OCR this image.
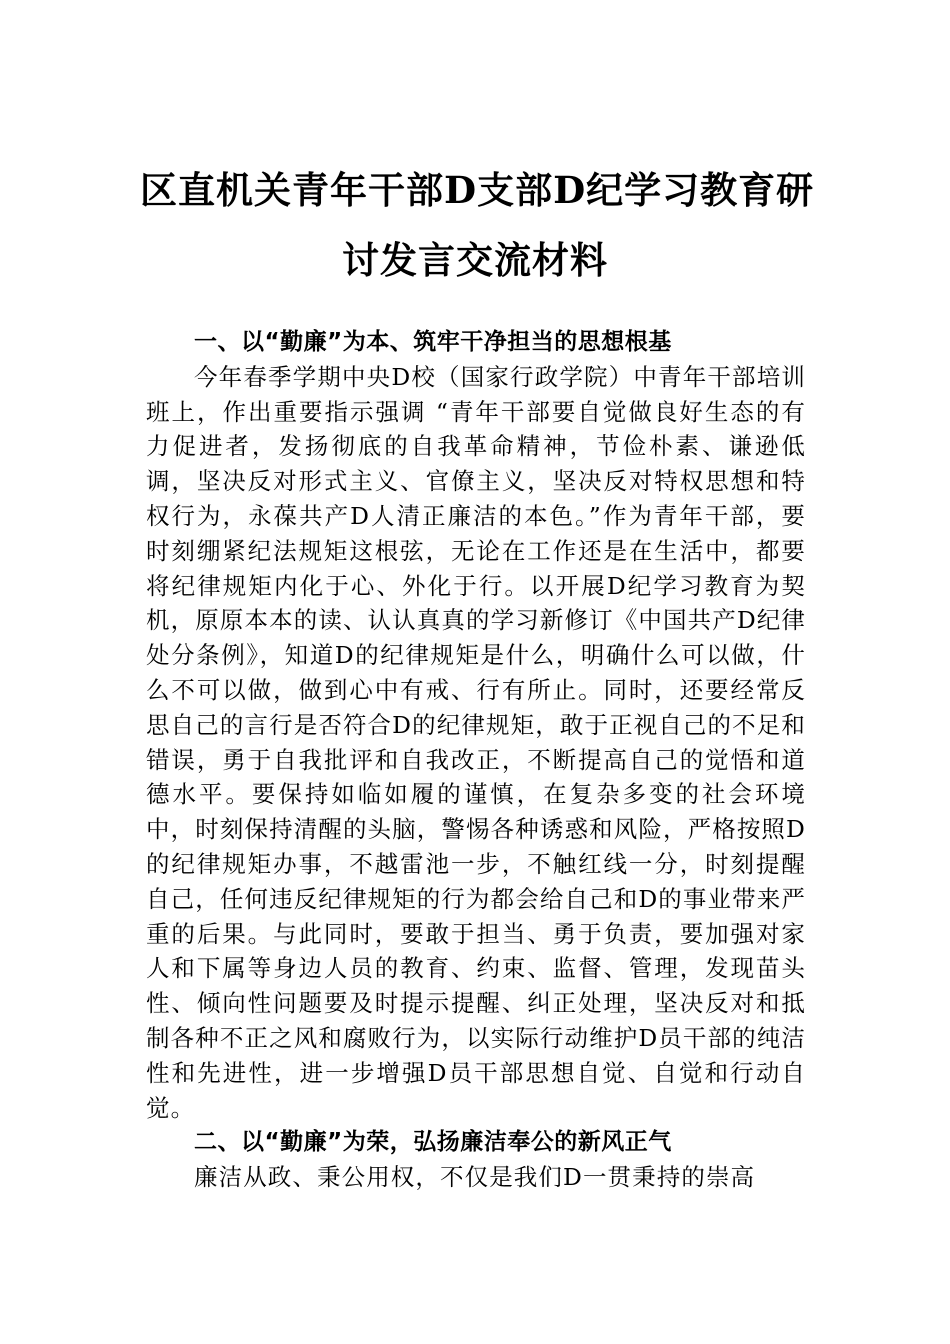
区直机关青年干部D支部D纪学习教育研
讨发言交流材料

一、以“勤廉”为本、筑牢干净担当的思想根基

今年春季学期中央D校（国家行政学院）中青年干部培训班上，作出重要指示强调 “青年干部要自觉做良好生态的有力促进者，发扬彻底的自我革命精神，节俭朴素、谦逊低调，坚决反对形式主义、官僚主义，坚决反对特权思想和特权行为，永葆共产D人清正廉洁的本色。”作为青年干部，要时刻绷紧纪法规矩这根弦，无论在工作还是在生活中，都要将纪律规矩内化于心、外化于行。以开展D纪学习教育为契机，原原本本的读、认认真真的学习新修订《中国共产D纪律处分条例》，知道D的纪律规矩是什么，明确什么可以做，什么不可以做，做到心中有戒、行有所止。同时，还要经常反思自己的言行是否符合D的纪律规矩，敢于正视自己的不足和错误，勇于自我批评和自我改正，不断提高自己的觉悟和道德水平。要保持如临如履的谨慎，在复杂多变的社会环境中，时刻保持清醒的头脑，警惕各种诱惑和风险，严格按照D的纪律规矩办事，不越雷池一步，不触红线一分，时刻提醒自己，任何违反纪律规矩的行为都会给自己和D的事业带来严重的后果。与此同时，要敢于担当、勇于负责，要加强对家人和下属等身边人员的教育、约束、监督、管理，发现苗头性、倾向性问题要及时提示提醒、纠正处理，坚决反对和抵制各种不正之风和腐败行为，以实际行动维护D员干部的纯洁性和先进性，进一步增强D员干部思想自觉、自觉和行动自觉。

二、以“勤廉”为荣，弘扬廉洁奉公的新风正气

廉洁从政、秉公用权，不仅是我们D一贯秉持的崇高
